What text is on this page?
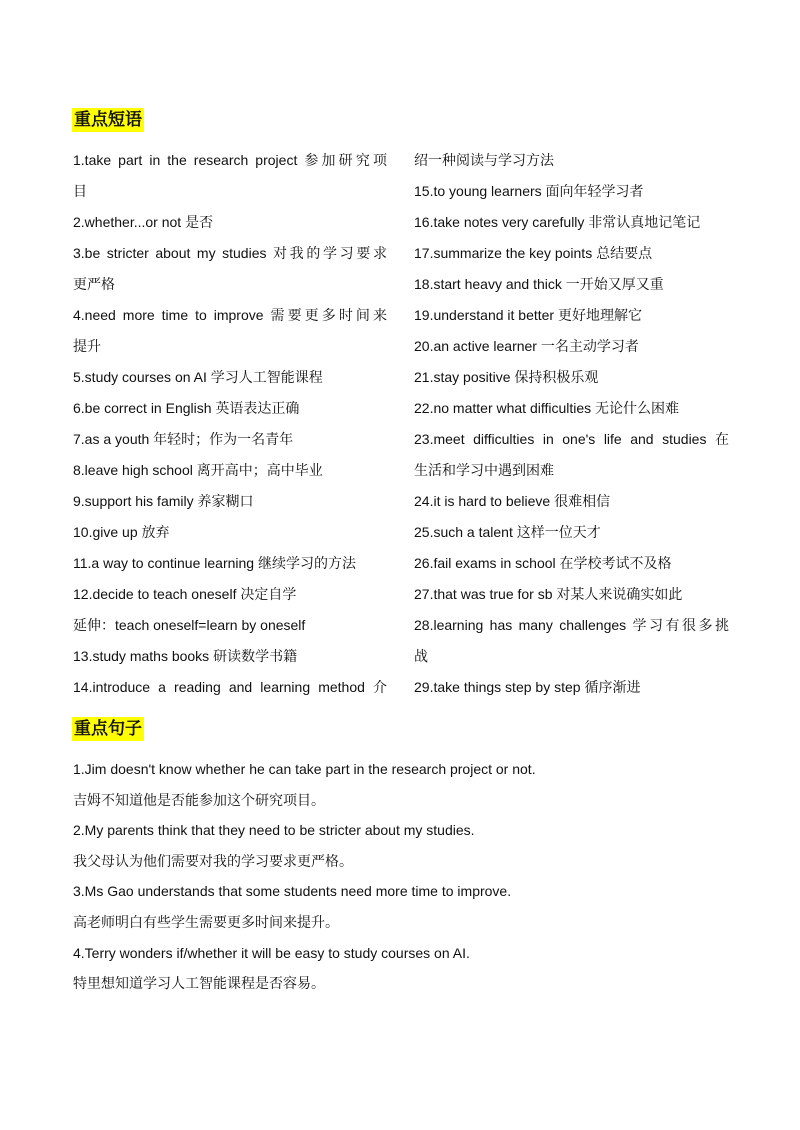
重点短语
1.take part in the research project 参加研究项
目
2.whether...or not 是否
3.be stricter about my studies 对我的学习要求
更严格
4.need more time to improve 需要更多时间来
提升
5.study courses on AI 学习人工智能课程
6.be correct in English 英语表达正确
7.as a youth 年轻时；作为一名青年
8.leave high school 离开高中；高中毕业
9.support his family 养家糊口
10.give up 放弃
11.a way to continue learning 继续学习的方法
12.decide to teach oneself 决定自学
延伸：teach oneself=learn by oneself
13.study maths books 研读数学书籍
14.introduce a reading and learning method 介
绍一种阅读与学习方法
15.to young learners 面向年轻学习者
16.take notes very carefully 非常认真地记笔记
17.summarize the key points 总结要点
18.start heavy and thick 一开始又厚又重
19.understand it better 更好地理解它
20.an active learner 一名主动学习者
21.stay positive 保持积极乐观
22.no matter what difficulties 无论什么困难
23.meet difficulties in one's life and studies 在
生活和学习中遇到困难
24.it is hard to believe 很难相信
25.such a talent 这样一位天才
26.fail exams in school 在学校考试不及格
27.that was true for sb 对某人来说确实如此
28.learning has many challenges 学习有很多挑
战
29.take things step by step 循序渐进
重点句子
1.Jim doesn't know whether he can take part in the research project or not.
吉姆不知道他是否能参加这个研究项目。
2.My parents think that they need to be stricter about my studies.
我父母认为他们需要对我的学习要求更严格。
3.Ms Gao understands that some students need more time to improve.
高老师明白有些学生需要更多时间来提升。
4.Terry wonders if/whether it will be easy to study courses on AI.
特里想知道学习人工智能课程是否容易。
